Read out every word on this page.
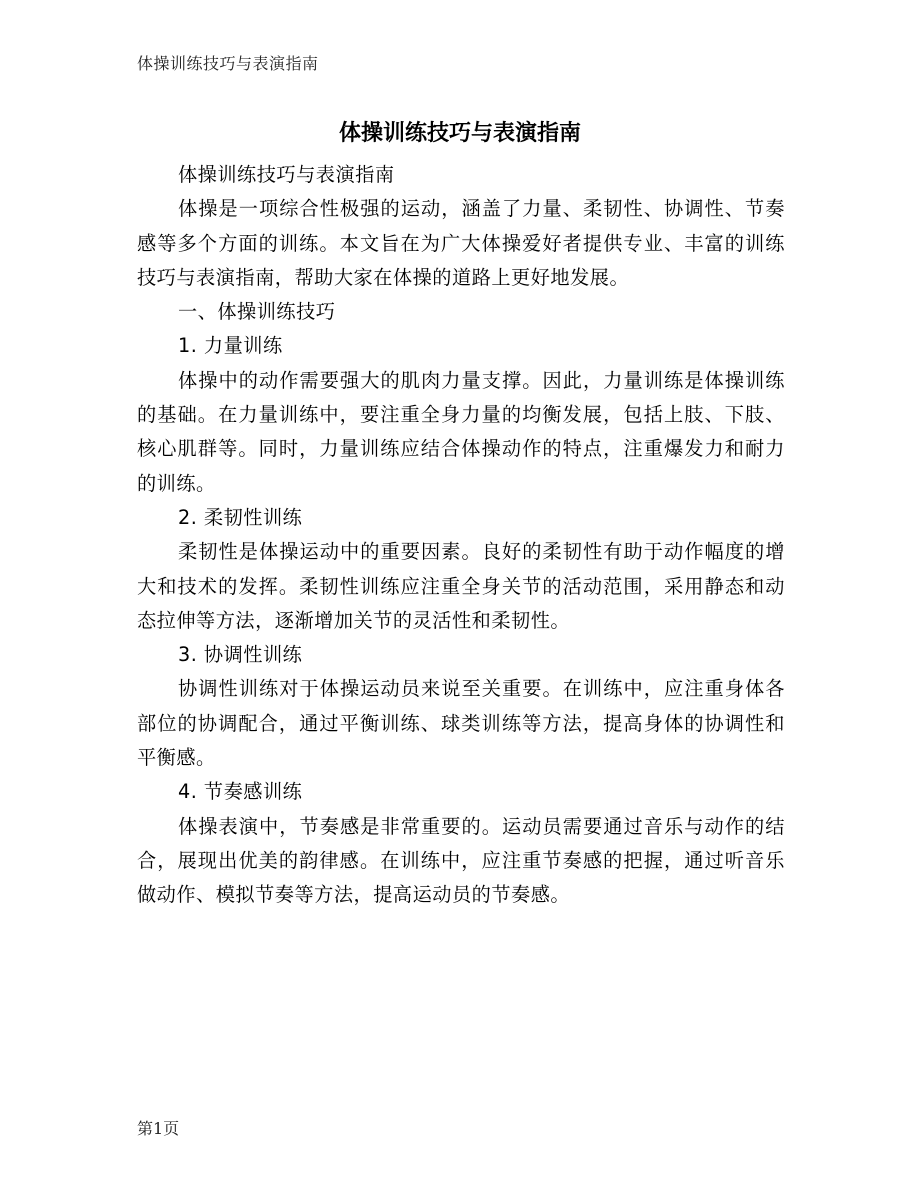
体操训练技巧与表演指南
体操训练技巧与表演指南

体操训练技巧与表演指南

体操是一项综合性极强的运动，涵盖了力量、柔韧性、协调性、节奏感等多个方面的训练。本文旨在为广大体操爱好者提供专业、丰富的训练技巧与表演指南，帮助大家在体操的道路上更好地发展。

一、体操训练技巧

1. 力量训练

体操中的动作需要强大的肌肉力量支撑。因此，力量训练是体操训练的基础。在力量训练中，要注重全身力量的均衡发展，包括上肢、下肢、核心肌群等。同时，力量训练应结合体操动作的特点，注重爆发力和耐力的训练。

2. 柔韧性训练

柔韧性是体操运动中的重要因素。良好的柔韧性有助于动作幅度的增大和技术的发挥。柔韧性训练应注重全身关节的活动范围，采用静态和动态拉伸等方法，逐渐增加关节的灵活性和柔韧性。

3. 协调性训练

协调性训练对于体操运动员来说至关重要。在训练中，应注重身体各部位的协调配合，通过平衡训练、球类训练等方法，提高身体的协调性和平衡感。

4. 节奏感训练

体操表演中，节奏感是非常重要的。运动员需要通过音乐与动作的结合，展现出优美的韵律感。在训练中，应注重节奏感的把握，通过听音乐做动作、模拟节奏等方法，提高运动员的节奏感。

第1页
